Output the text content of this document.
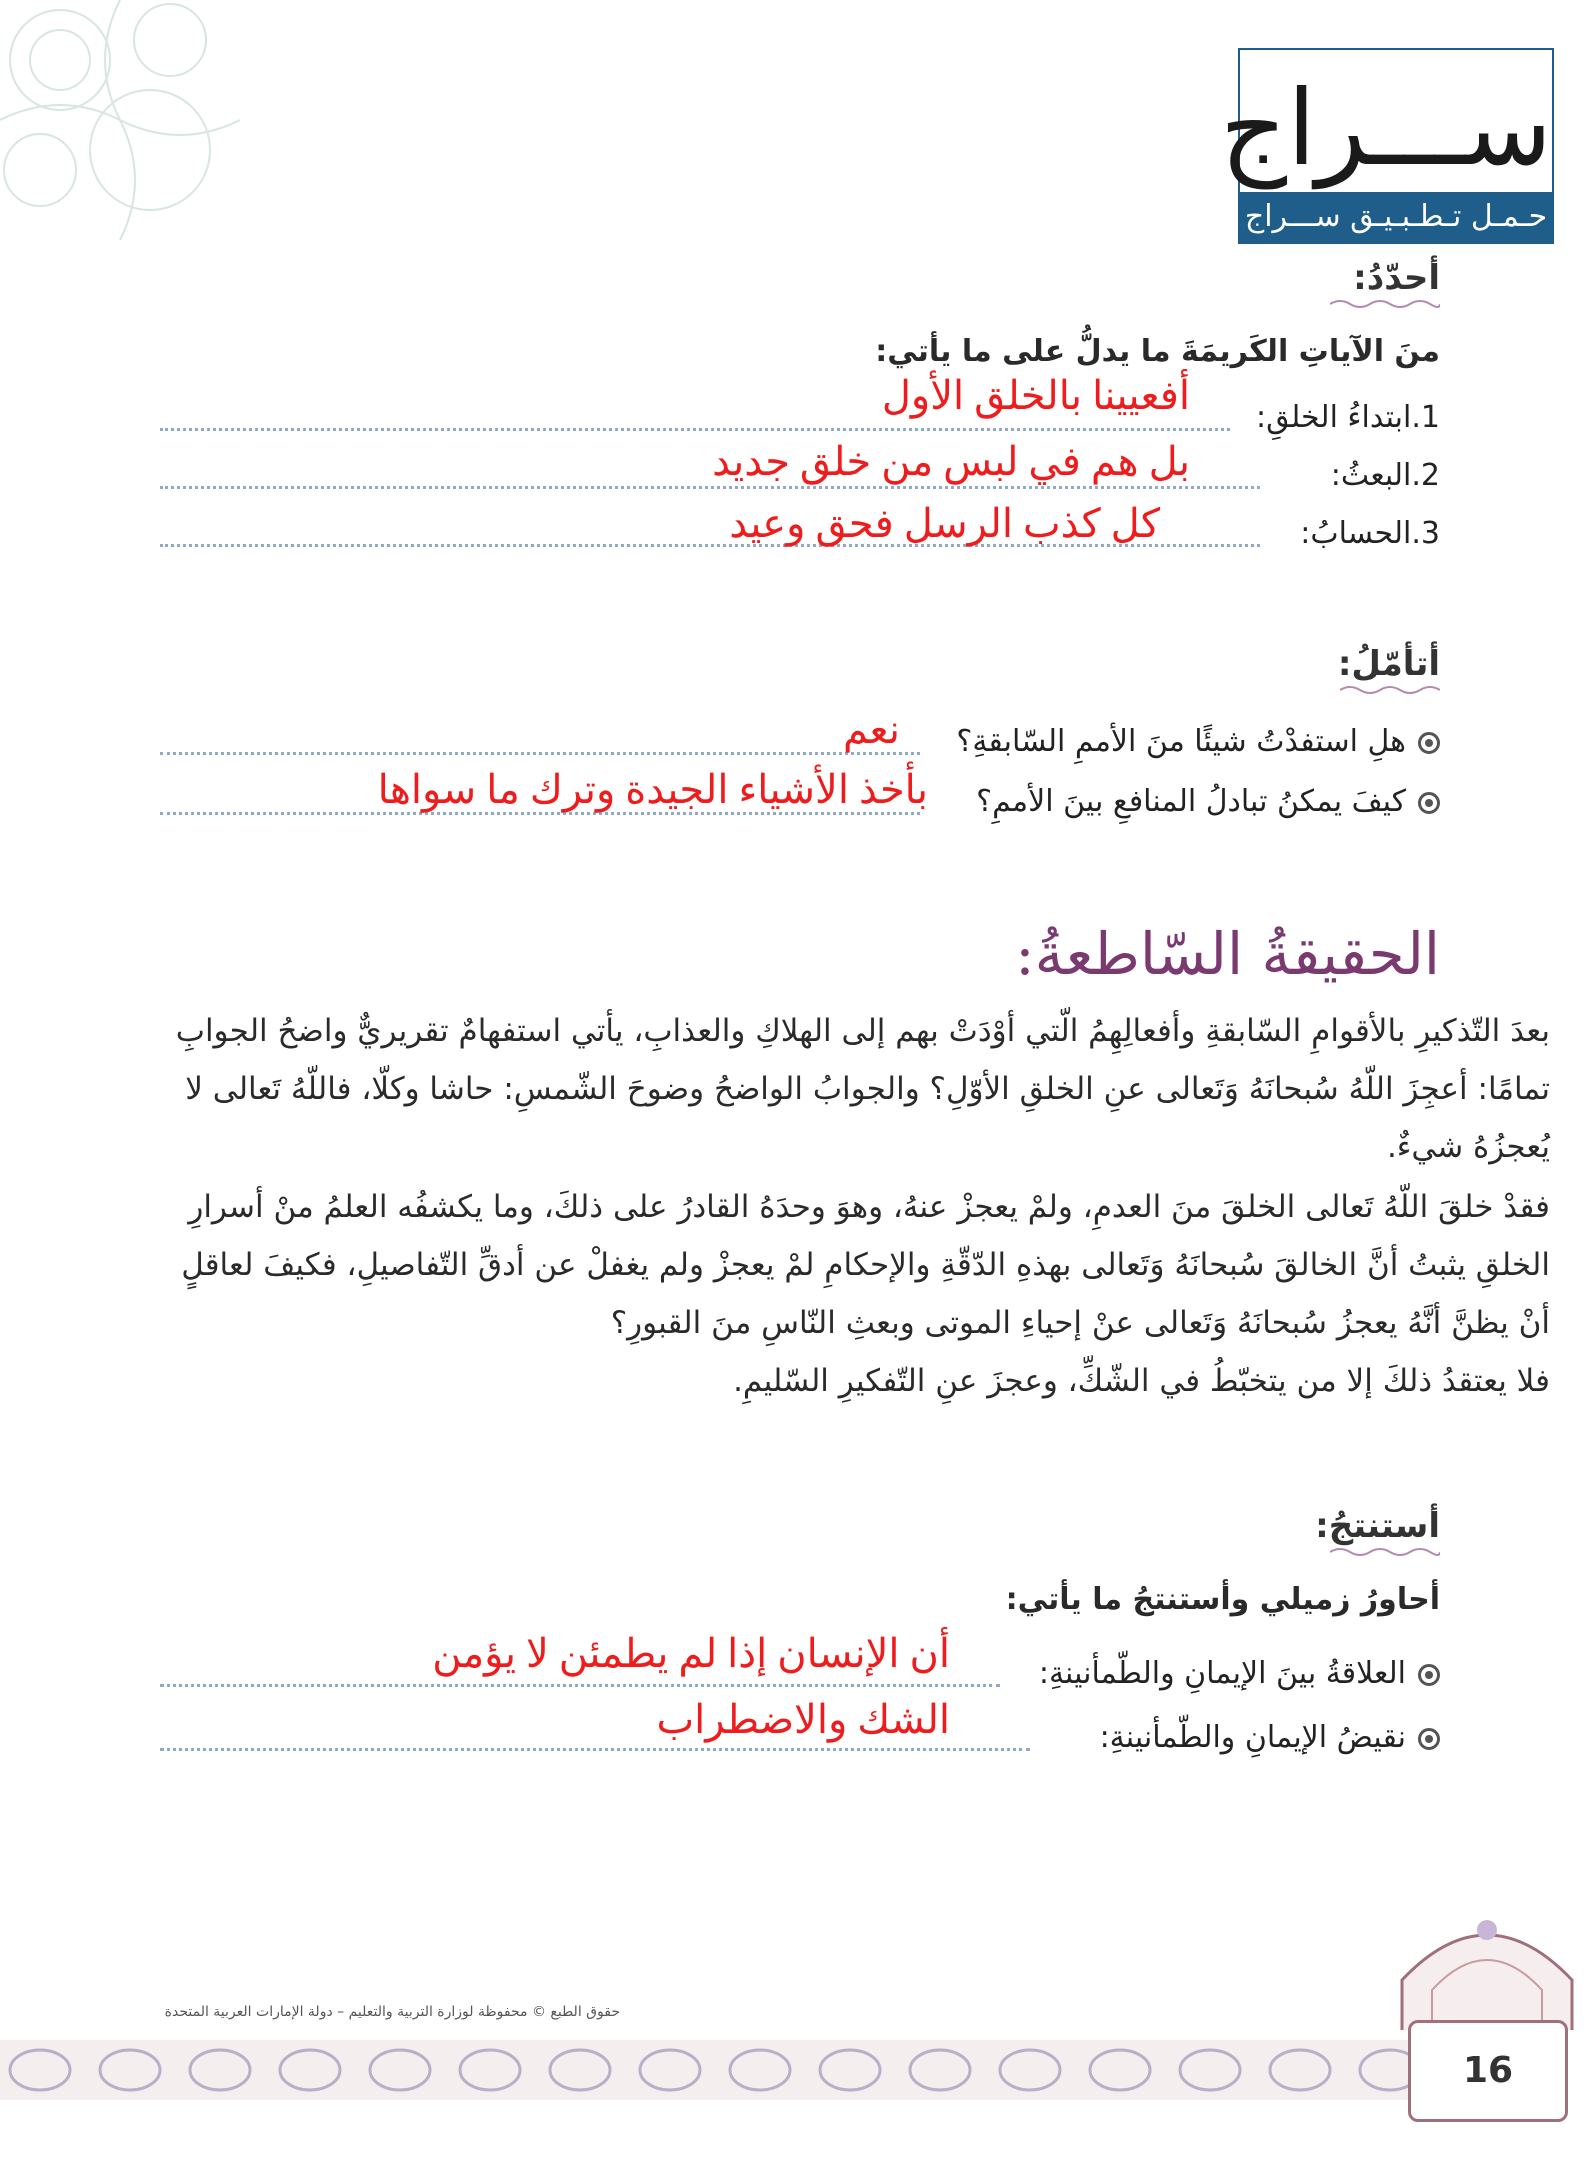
ســـراج
حـمـل تـطـبـيـق ســـراج
أحدّدُ:
منَ الآياتِ الكَريمَةَ ما يدلُّ على ما يأتي:
1.ابتداءُ الخلقِ:
أفعيينا بالخلق الأول
2.البعثُ:
بل هم في لبس من خلق جديد
3.الحسابُ:
كل كذب الرسل فحق وعيد
أتأمّلُ:
هلِ استفدْتُ شيئًا منَ الأممِ السّابقةِ؟
نعم
كيفَ يمكنُ تبادلُ المنافعِ بينَ الأممِ؟
بأخذ الأشياء الجيدة وترك ما سواها
الحقيقةُ السّاطعةُ:
بعدَ التّذكيرِ بالأقوامِ السّابقةِ وأفعالِهِمُ الّتي أوْدَتْ بهم إلى الهلاكِ والعذابِ، يأتي استفهامٌ تقريريٌّ واضحُ الجوابِ تمامًا: أعجِزَ اللّهُ سُبحانَهُ وَتَعالى عنِ الخلقِ الأوّلِ؟ والجوابُ الواضحُ وضوحَ الشّمسِ: حاشا وكلّا، فاللّهُ تَعالى لا يُعجزُهُ شيءٌ.
فقدْ خلقَ اللّهُ تَعالى الخلقَ منَ العدمِ، ولمْ يعجزْ عنهُ، وهوَ وحدَهُ القادرُ على ذلكَ، وما يكشفُه العلمُ منْ أسرارِ الخلقِ يثبتُ أنَّ الخالقَ سُبحانَهُ وَتَعالى بهذهِ الدّقّةِ والإحكامِ لمْ يعجزْ ولم يغفلْ عن أدقِّ التّفاصيلِ، فكيفَ لعاقلٍ أنْ يظنَّ أنَّهُ يعجزُ سُبحانَهُ وَتَعالى عنْ إحياءِ الموتى وبعثِ النّاسِ منَ القبورِ؟
فلا يعتقدُ ذلكَ إلا من يتخبّطُ في الشّكِّ، وعجزَ عنِ التّفكيرِ السّليمِ.
أستنتجُ:
أحاورُ زميلي وأستنتجُ ما يأتي:
العلاقةُ بينَ الإيمانِ والطّمأنينةِ:
أن الإنسان إذا لم يطمئن لا يؤمن
نقيضُ الإيمانِ والطّمأنينةِ:
الشك والاضطراب
حقوق الطبع © محفوظة لوزارة التربية والتعليم – دولة الإمارات العربية المتحدة
16
